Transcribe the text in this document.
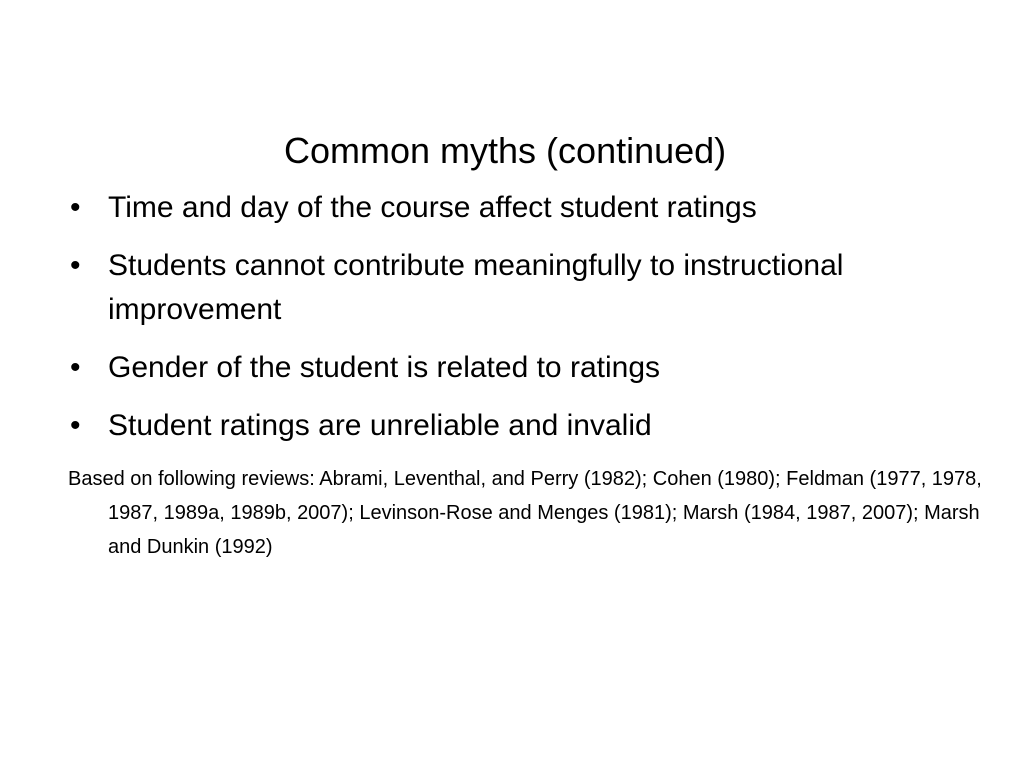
Common myths (continued)
• Time and day of the course affect student ratings
• Students cannot contribute meaningfully to instructional improvement
• Gender of the student is related to ratings
• Student ratings are unreliable and invalid
Based on following reviews: Abrami, Leventhal, and Perry (1982); Cohen (1980); Feldman (1977, 1978, 1987, 1989a, 1989b, 2007); Levinson-Rose and Menges (1981); Marsh (1984, 1987, 2007); Marsh and Dunkin (1992)
